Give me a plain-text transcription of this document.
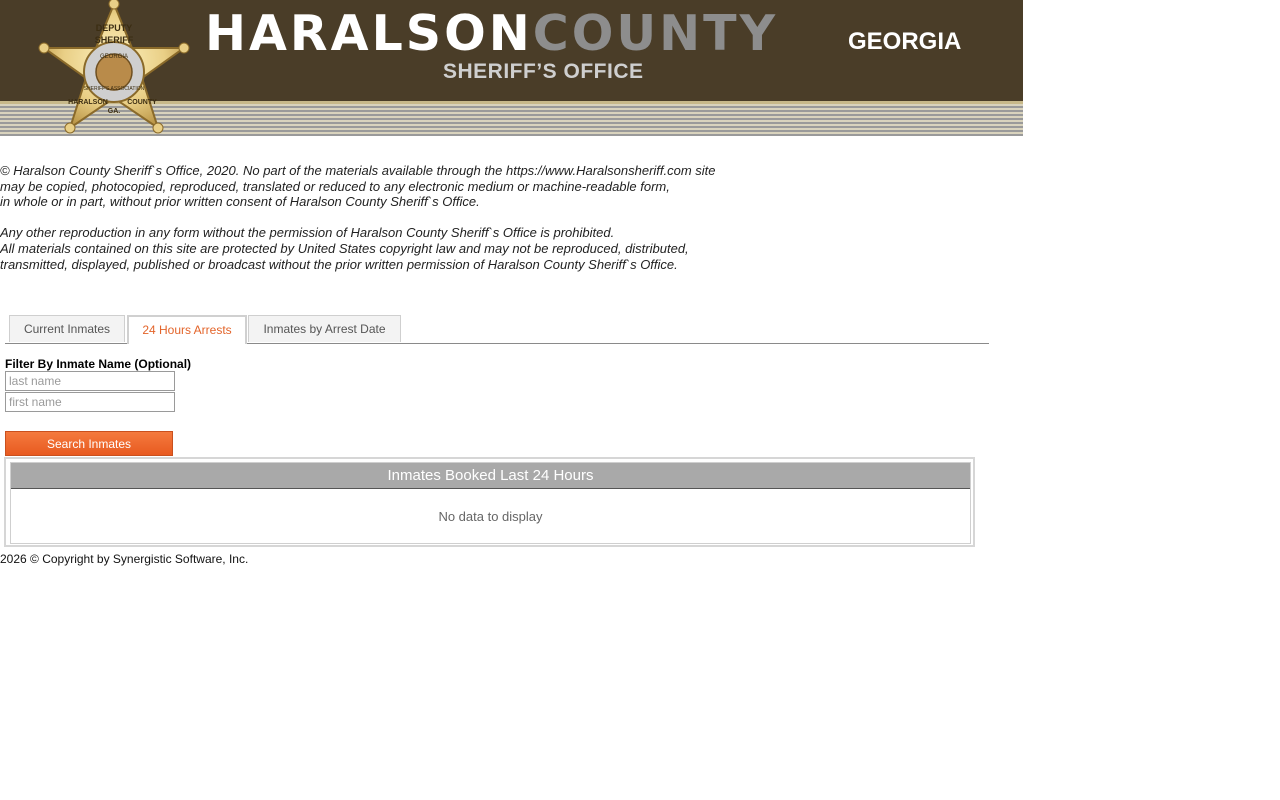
DEPUTY
SHERIFF
GEORGIA
SHERIFF'S ASSOCIATION
HARALSON
GA.
COUNTY
HARALSONCOUNTY	GEORGIA
SHERIFF’S OFFICE

© Haralson County Sheriff`s Office, 2020. No part of the materials available through the https://www.Haralsonsheriff.com site

may be copied, photocopied, reproduced, translated or reduced to any electronic medium or machine-readable form,

in whole or in part, without prior written consent of Haralson County Sheriff`s Office.

Any other reproduction in any form without the permission of Haralson County Sheriff`s Office is prohibited.

All materials contained on this site are protected by United States copyright law and may not be reproduced, distributed,

transmitted, displayed, published or broadcast without the prior written permission of Haralson County Sheriff`s Office.

Current Inmates	24 Hours Arrests	Inmates by Arrest Date
Filter By Inmate Name (Optional)
last name
first name
Search Inmates
Inmates Booked Last 24 Hours
No data to display
2026 © Copyright by Synergistic Software, Inc.
